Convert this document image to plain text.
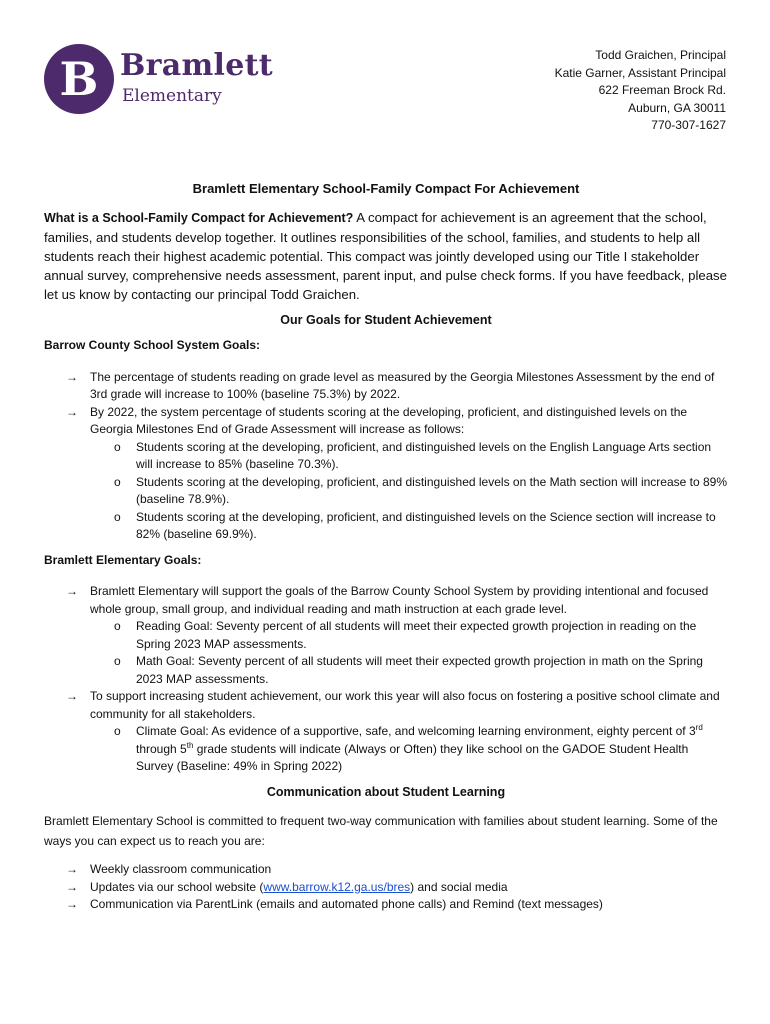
B Bramlett
Elementary
Todd Graichen, Principal
Katie Garner, Assistant Principal
622 Freeman Brock Rd.
Auburn, GA 30011
770-307-1627
Bramlett Elementary School-Family Compact For Achievement

What is a School-Family Compact for Achievement? A compact for achievement is an agreement that the school, families, and students develop together. It outlines responsibilities of the school, families, and students to help all students reach their highest academic potential. This compact was jointly developed using our Title I stakeholder annual survey, comprehensive needs assessment, parent input, and pulse check forms. If you have feedback, please let us know by contacting our principal Todd Graichen.

Our Goals for Student Achievement
Barrow County School System Goals:
→ The percentage of students reading on grade level as measured by the Georgia Milestones Assessment by the end of 3rd grade will increase to 100% (baseline 75.3%) by 2022.
→ By 2022, the system percentage of students scoring at the developing, proficient, and distinguished levels on the Georgia Milestones End of Grade Assessment will increase as follows:
o Students scoring at the developing, proficient, and distinguished levels on the English Language Arts section will increase to 85% (baseline 70.3%).
o Students scoring at the developing, proficient, and distinguished levels on the Math section will increase to 89% (baseline 78.9%).
o Students scoring at the developing, proficient, and distinguished levels on the Science section will increase to 82% (baseline 69.9%).
Bramlett Elementary Goals:
→ Bramlett Elementary will support the goals of the Barrow County School System by providing intentional and focused whole group, small group, and individual reading and math instruction at each grade level.
o Reading Goal: Seventy percent of all students will meet their expected growth projection in reading on the Spring 2023 MAP assessments.
o Math Goal: Seventy percent of all students will meet their expected growth projection in math on the Spring 2023 MAP assessments.
→ To support increasing student achievement, our work this year will also focus on fostering a positive school climate and community for all stakeholders.
o Climate Goal: As evidence of a supportive, safe, and welcoming learning environment, eighty percent of 3rd through 5th grade students will indicate (Always or Often) they like school on the GADOE Student Health Survey (Baseline: 49% in Spring 2022)
Communication about Student Learning
Bramlett Elementary School is committed to frequent two-way communication with families about student learning. Some of the ways you can expect us to reach you are:
→ Weekly classroom communication
→ Updates via our school website (www.barrow.k12.ga.us/bres) and social media
→ Communication via ParentLink (emails and automated phone calls) and Remind (text messages)
